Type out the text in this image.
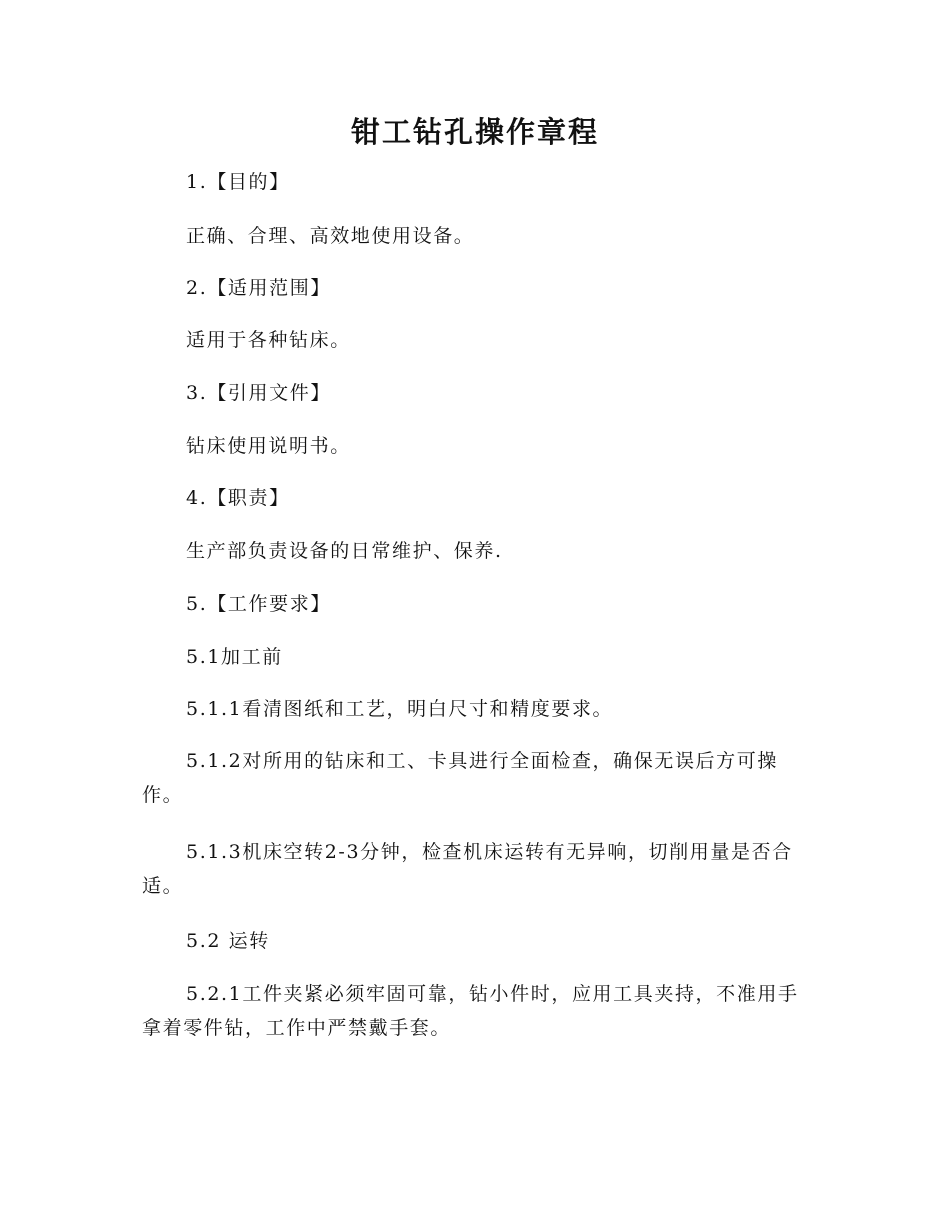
钳工钻孔操作章程
1.【目的】
正确、合理、高效地使用设备。
2.【适用范围】
适用于各种钻床。
3.【引用文件】
钻床使用说明书。
4.【职责】
生产部负责设备的日常维护、保养.
5.【工作要求】
5.1加工前
5.1.1看清图纸和工艺，明白尺寸和精度要求。
5.1.2对所用的钻床和工、卡具进行全面检查，确保无误后方可操作。
5.1.3机床空转2-3分钟，检查机床运转有无异响，切削用量是否合适。
5.2 运转
5.2.1工件夹紧必须牢固可靠，钻小件时，应用工具夹持，不准用手拿着零件钻，工作中严禁戴手套。
